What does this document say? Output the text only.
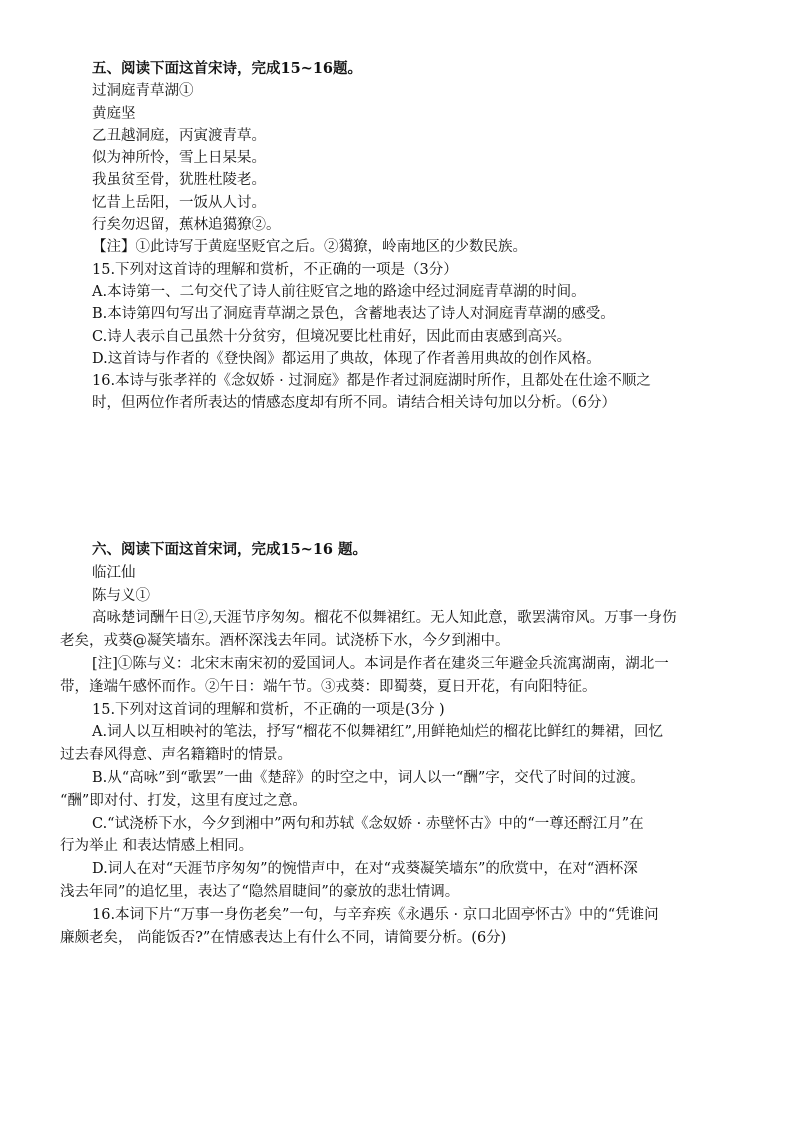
五、阅读下面这首宋诗，完成15~16题。
过洞庭青草湖①
黄庭坚
乙丑越洞庭，丙寅渡青草。
似为神所怜，雪上日杲杲。
我虽贫至骨，犹胜杜陵老。
忆昔上岳阳，一饭从人讨。
行矣勿迟留，蕉林追獦獠②。
【注】①此诗写于黄庭坚贬官之后。②獦獠，岭南地区的少数民族。
15.下列对这首诗的理解和赏析，不正确的一项是（3分）
A.本诗第一、二句交代了诗人前往贬官之地的路途中经过洞庭青草湖的时间。
B.本诗第四句写出了洞庭青草湖之景色，含蓄地表达了诗人对洞庭青草湖的感受。
C.诗人表示自己虽然十分贫穷，但境况要比杜甫好，因此而由衷感到高兴。
D.这首诗与作者的《登快阁》都运用了典故，体现了作者善用典故的创作风格。
16.本诗与张孝祥的《念奴娇 · 过洞庭》都是作者过洞庭湖时所作，且都处在仕途不顺之
时，但两位作者所表达的情感态度却有所不同。请结合相关诗句加以分析。（6分）
六、阅读下面这首宋词，完成15~16 题。
临江仙
陈与义①
高咏楚词酬午日②,天涯节序匆匆。榴花不似舞裙红。无人知此意，歌罢满帘风。万事一身伤
老矣，戎葵@凝笑墙东。酒杯深浅去年同。试浇桥下水，今夕到湘中。
[注]①陈与义：北宋末南宋初的爱国词人。本词是作者在建炎三年避金兵流寓湖南，湖北一
带，逢端午感怀而作。②午日：端午节。③戎葵：即蜀葵，夏日开花，有向阳特征。
15.下列对这首词的理解和赏析，不正确的一项是(3分 )
A.词人以互相映衬的笔法，抒写“榴花不似舞裙红”,用鲜艳灿烂的榴花比鲜红的舞裙，回忆
过去春风得意、声名籍籍时的情景。
B.从“高咏”到“歌罢”一曲《楚辞》的时空之中，词人以一“酬”字，交代了时间的过渡。
“酬”即对付、打发，这里有度过之意。
C.“试浇桥下水，今夕到湘中”两句和苏轼《念奴娇 · 赤壁怀古》中的“一尊还酹江月”在
行为举止 和表达情感上相同。
D.词人在对“天涯节序匆匆”的惋惜声中，在对“戎葵凝笑墙东”的欣赏中，在对“酒杯深
浅去年同”的追忆里，表达了“隐然眉睫间”的豪放的悲壮情调。
16.本词下片“万事一身伤老矣”一句，与辛弃疾《永遇乐 · 京口北固亭怀古》中的“凭谁问
廉颇老矣， 尚能饭否?”在情感表达上有什么不同，请简要分析。(6分)
